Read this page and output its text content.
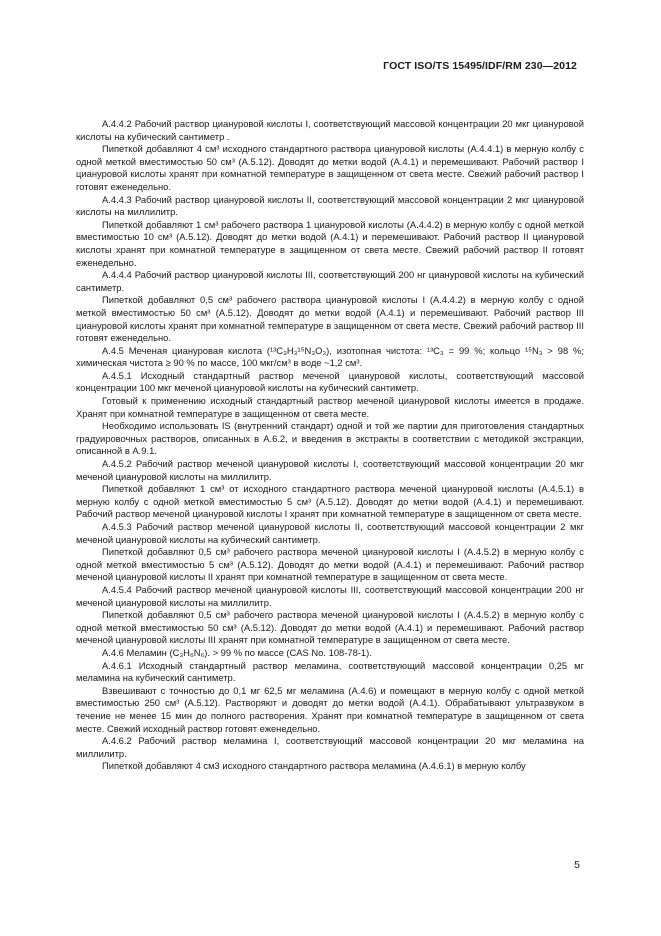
ГОСТ ISO/TS 15495/IDF/RM 230—2012

A.4.4.2 Рабочий раствор циануровой кислоты I, соответствующий массовой концентрации 20 мкг циануровой кислоты на кубический сантиметр .

Пипеткой добавляют 4 см³ исходного стандартного раствора циануровой кислоты (А.4.4.1) в мерную колбу с одной меткой вместимостью 50 см³ (А.5.12). Доводят до метки водой (А.4.1) и перемешивают. Рабочий раствор I циануровой кислоты хранят при комнатной температуре в защищенном от света месте. Свежий рабочий раствор I готовят еженедельно.

A.4.4.3 Рабочий раствор циануровой кислоты II, соответствующий массовой концентрации 2 мкг циануровой кислоты на миллилитр.

Пипеткой добавляют 1 см³ рабочего раствора 1 циануровой кислоты (А.4.4.2) в мерную колбу с одной меткой вместимостью 10 см³ (А.5.12). Доводят до метки водой (А.4.1) и перемешивают. Рабочий раствор II циануровой кислоты хранят при комнатной температуре в защищенном от света месте. Свежий рабочий раствор II готовят еженедельно.

A.4.4.4 Рабочий раствор циануровой кислоты III, соответствующий 200 нг циануровой кислоты на кубический сантиметр.

Пипеткой добавляют 0,5 см³ рабочего раствора циануровой кислоты I (А.4.4.2) в мерную колбу с одной меткой вместимостью 50 см³ (А.5.12). Доводят до метки водой (А.4.1) и перемешивают. Рабочий раствор III циануровой кислоты хранят при комнатной температуре в защищенном от света месте. Свежий рабочий раствор III готовят еженедельно.

A.4.5 Меченая циануровая кислота (¹³C₃H₃¹⁵N₃O₃), изотопная чистота: ¹³C₃ = 99 %; кольцо ¹⁵N₃ > 98 %; химическая чистота ≥ 90 % по массе, 100 мкг/см³ в воде ~1,2 см³.

A.4.5.1 Исходный стандартный раствор меченой циануровой кислоты, соответствующий массовой концентрации 100 мкг меченой циануровой кислоты на кубический сантиметр.

Готовый к применению исходный стандартный раствор меченой циануровой кислоты имеется в продаже. Хранят при комнатной температуре в защищенном от света месте.

Необходимо использовать IS (внутренний стандарт) одной и той же партии для приготовления стандартных градуировочных растворов, описанных в А.6.2, и введения в экстракты в соответствии с методикой экстракции, описанной в А.9.1.

A.4.5.2 Рабочий раствор меченой циануровой кислоты I, соответствующий массовой концентрации 20 мкг меченой циануровой кислоты на миллилитр.

Пипеткой добавляют 1 см³ от исходного стандартного раствора меченой циануровой кислоты (А.4.5.1) в мерную колбу с одной меткой вместимостью 5 см³ (А.5.12). Доводят до метки водой (А.4.1) и перемешивают. Рабочий раствор меченой циануровой кислоты I хранят при комнатной температуре в защищенном от света месте.

A.4.5.3 Рабочий раствор меченой циануровой кислоты II, соответствующий массовой концентрации 2 мкг меченой циануровой кислоты на кубический сантиметр.

Пипеткой добавляют 0,5 см³ рабочего раствора меченой циануровой кислоты I (А.4.5.2) в мерную колбу с одной меткой вместимостью 5 см³ (А.5.12). Доводят до метки водой (А.4.1) и перемешивают. Рабочий раствор меченой циануровой кислоты II хранят при комнатной температуре в защищенном от света месте.

A.4.5.4 Рабочий раствор меченой циануровой кислоты III, соответствующий массовой концентрации 200 нг меченой циануровой кислоты на миллилитр.

Пипеткой добавляют 0,5 см³ рабочего раствора меченой циануровой кислоты I (А.4.5.2) в мерную колбу с одной меткой вместимостью 50 см³ (А.5.12). Доводят до метки водой (А.4.1) и перемешивают. Рабочий раствор меченой циануровой кислоты III хранят при комнатной температуре в защищенном от света месте.

A.4.6 Меламин (C₃H₆N₆). > 99 % по массе (CAS No. 108-78-1).

A.4.6.1 Исходный стандартный раствор меламина, соответствующий массовой концентрации 0,25 мг меламина на кубический сантиметр.

Взвешивают с точностью до 0,1 мг 62,5 мг меламина (А.4.6) и помещают в мерную колбу с одной меткой вместимостью 250 см³ (А.5.12). Растворяют и доводят до метки водой (А.4.1). Обрабатывают ультразвуком в течение не менее 15 мин до полного растворения. Хранят при комнатной температуре в защищенном от света месте. Свежий исходный раствор готовят еженедельно.

A.4.6.2 Рабочий раствор меламина I, соответствующий массовой концентрации 20 мкг меламина на миллилитр.

Пипеткой добавляют 4 см3 исходного стандартного раствора меламина (А.4.6.1) в мерную колбу

5
